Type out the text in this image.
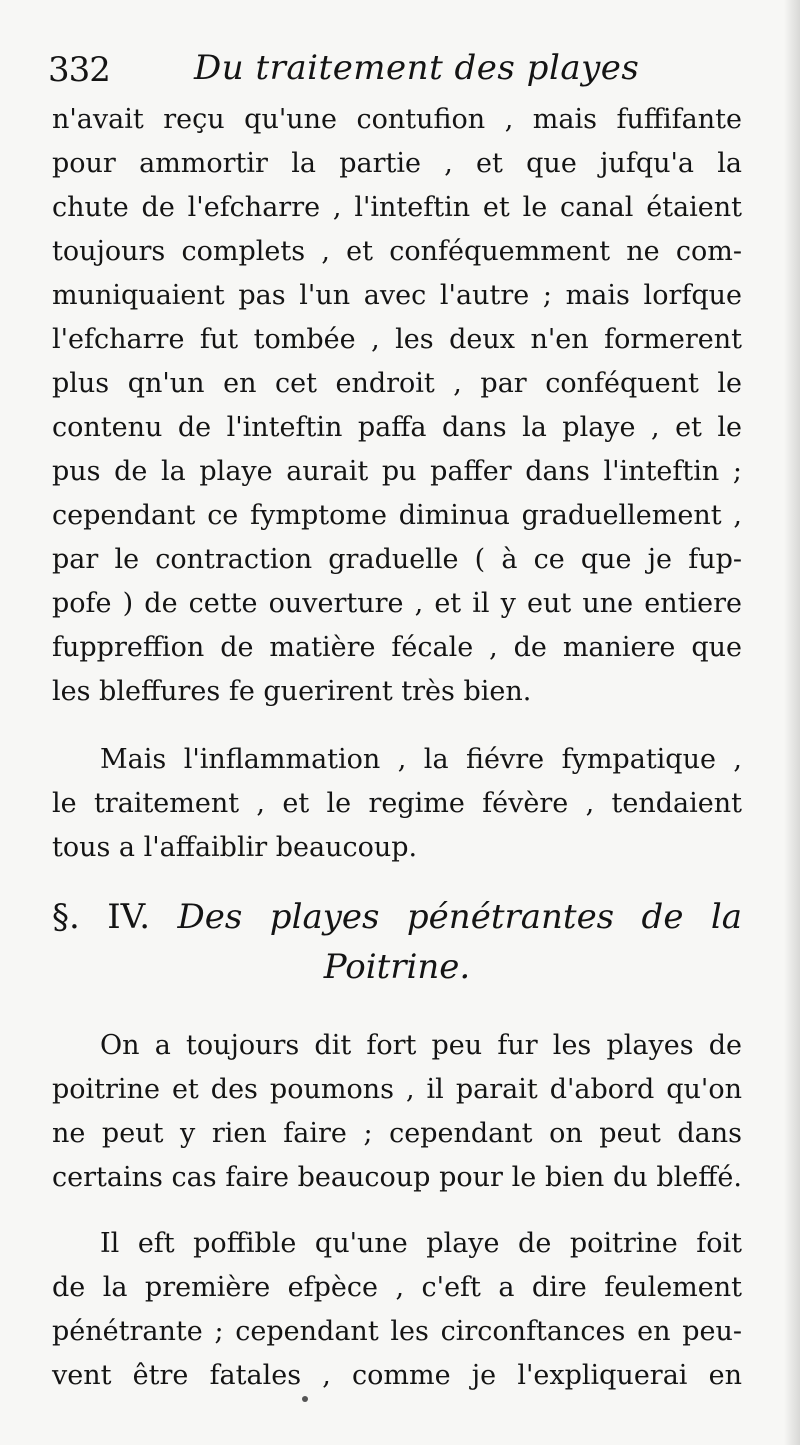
332 Du traitement des playes
n'avait reçu qu'une contufion , mais fuffifante
pour ammortir la partie , et que jufqu'a la
chute de l'efcharre , l'inteftin et le canal étaient
toujours complets , et conféquemment ne com-
muniquaient pas l'un avec l'autre ; mais lorfque
l'efcharre fut tombée , les deux n'en formerent
plus qn'un en cet endroit , par conféquent le
contenu de l'inteftin paffa dans la playe , et le
pus de la playe aurait pu paffer dans l'inteftin ;
cependant ce fymptome diminua graduellement ,
par le contraction graduelle ( à ce que je fup-
pofe ) de cette ouverture , et il y eut une entiere
fuppreffion de matière fécale , de maniere que
les bleffures fe guerirent très bien.
Mais l'inflammation , la fiévre fympatique ,
le traitement , et le regime févère , tendaient
tous a l'affaiblir beaucoup.
§. IV. Des playes pénétrantes de la
Poitrine.
On a toujours dit fort peu fur les playes de
poitrine et des poumons , il parait d'abord qu'on
ne peut y rien faire ; cependant on peut dans
certains cas faire beaucoup pour le bien du bleffé.
Il eft poffible qu'une playe de poitrine foit
de la première efpèce , c'eft a dire feulement
pénétrante ; cependant les circonftances en peu-
vent être fatales , comme je l'expliquerai en
